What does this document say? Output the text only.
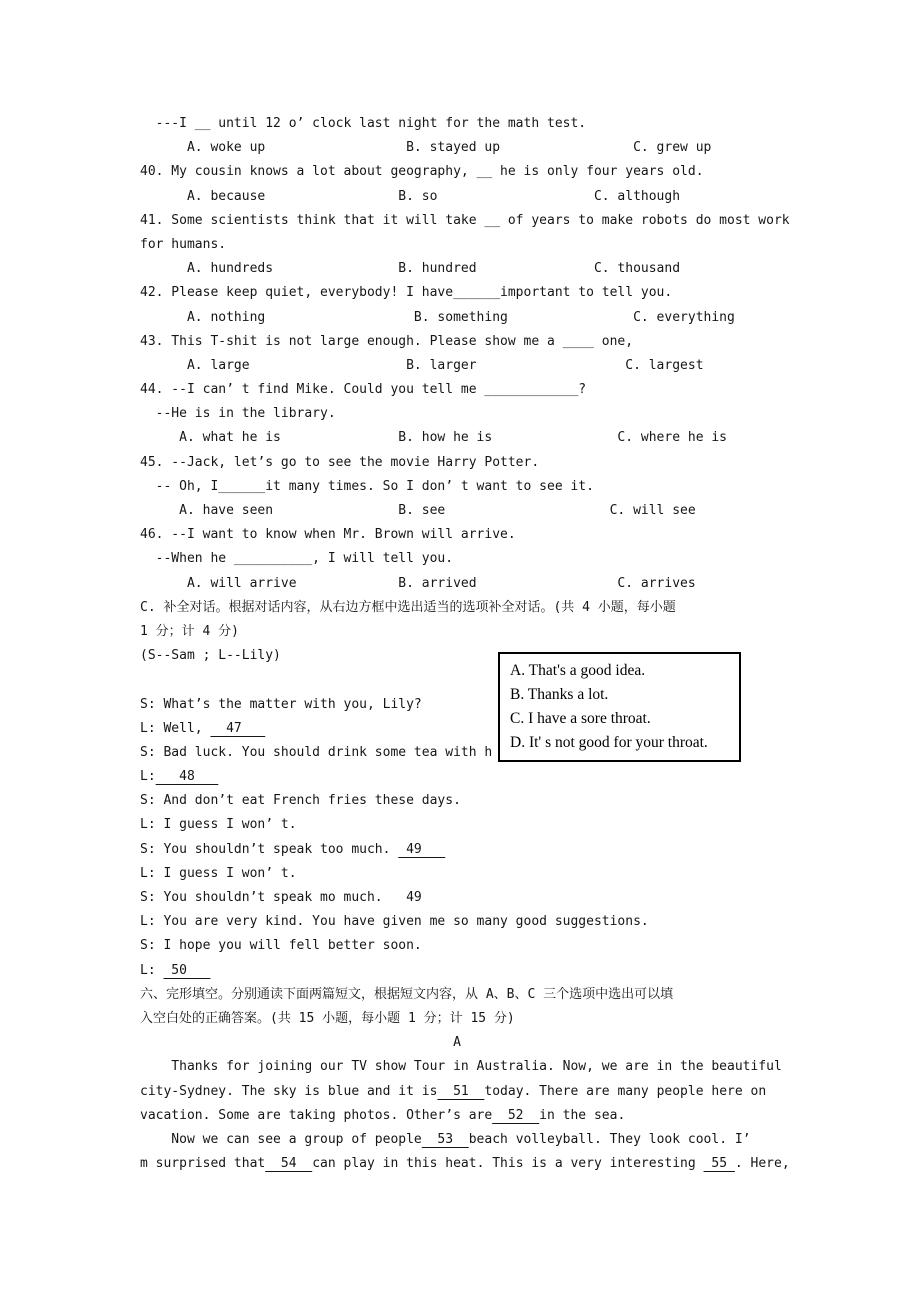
---I __ until 12 o’ clock last night for the math test.
A. woke up                  B. stayed up                 C. grew up
40. My cousin knows a lot about geography, __ he is only four years old.
A. because                 B. so                    C. although
41. Some scientists think that it will take __ of years to make robots do most work
for humans.
A. hundreds                B. hundred               C. thousand
42. Please keep quiet, everybody! I have______important to tell you.
A. nothing                   B. something                C. everything
43. This T-shit is not large enough. Please show me a ____ one,
A. large                    B. larger                   C. largest
44. --I can’ t find Mike. Could you tell me ____________?
--He is in the library.
A. what he is               B. how he is                C. where he is
45. --Jack, let’s go to see the movie Harry Potter.
-- Oh, I______it many times. So I don’ t want to see it.
A. have seen                B. see                     C. will see
46. --I want to know when Mr. Brown will arrive.
--When he __________, I will tell you.
A. will arrive             B. arrived                  C. arrives
C. 补全对话。根据对话内容，从右边方框中选出适当的选项补全对话。(共 4 小题，每小题
1 分；计 4 分)
(S--Sam ; L--Lily)

S: What’s the matter with you, Lily?
L: Well,   47
S: Bad luck. You should drink some tea with h
L:   48
S: And don’t eat French fries these days.
L: I guess I won’ t.
S: You shouldn’t speak too much.  49
L: I guess I won’ t.
S: You shouldn’t speak mo much.   49
L: You are very kind. You have given me so many good suggestions.
S: I hope you will fell better soon.
L:  50
六、完形填空。分别通读下面两篇短文，根据短文内容，从 A、B、C 三个选项中选出可以填
入空白处的正确答案。(共 15 小题，每小题 1 分；计 15 分)
A
Thanks for joining our TV show Tour in Australia. Now, we are in the beautiful
city-Sydney. The sky is blue and it is  51  today. There are many people here on
vacation. Some are taking photos. Other’s are  52  in the sea.
Now we can see a group of people  53  beach volleyball. They look cool. I’
m surprised that  54  can play in this heat. This is a very interesting  55 . Here,
A. That's a good idea.
B. Thanks a lot.
C. I have a sore throat.
D. It' s not good for your throat.
